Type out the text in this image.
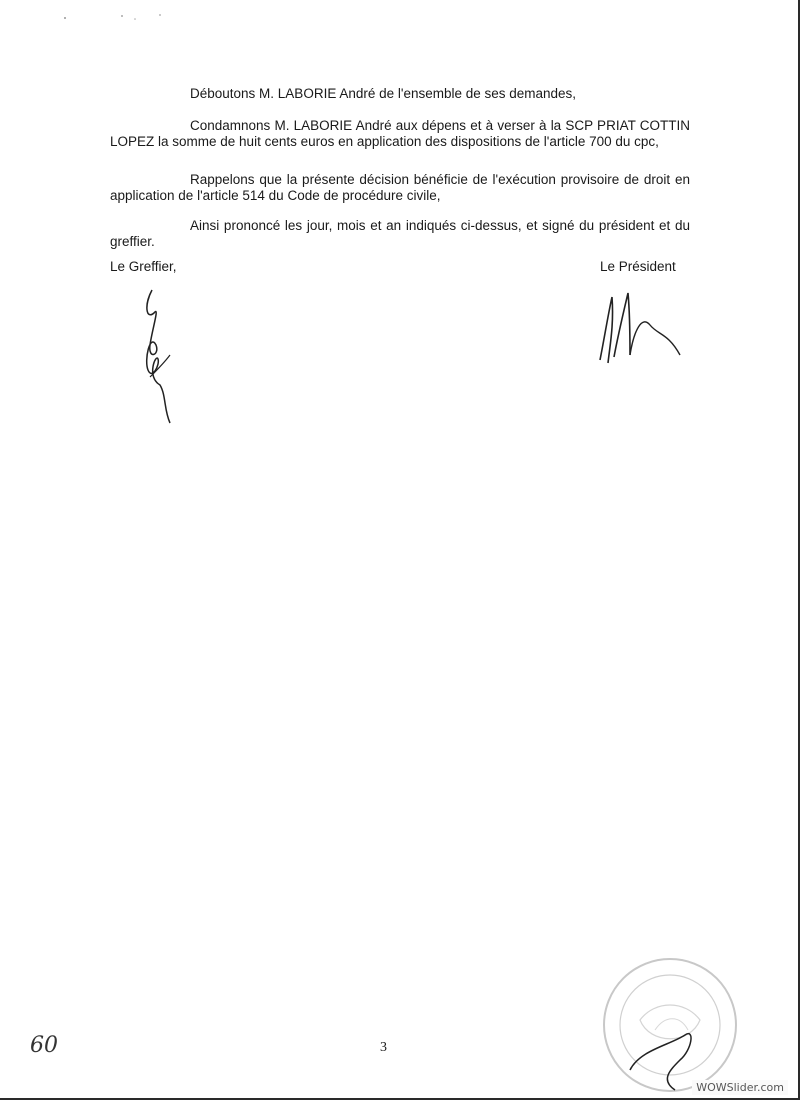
Déboutons M. LABORIE André de l'ensemble de ses demandes,

Condamnons M. LABORIE André aux dépens et à verser à la SCP PRIAT COTTIN LOPEZ la somme de huit cents euros en application des dispositions de l'article 700 du cpc,

Rappelons que la présente décision bénéficie de l'exécution provisoire de droit en application de l'article 514 du Code de procédure civile,

Ainsi prononcé les jour, mois et an indiqués ci-dessus, et signé du président et du greffier.

Le Greffier,	Le Président
60	3
WOWSlider.com
